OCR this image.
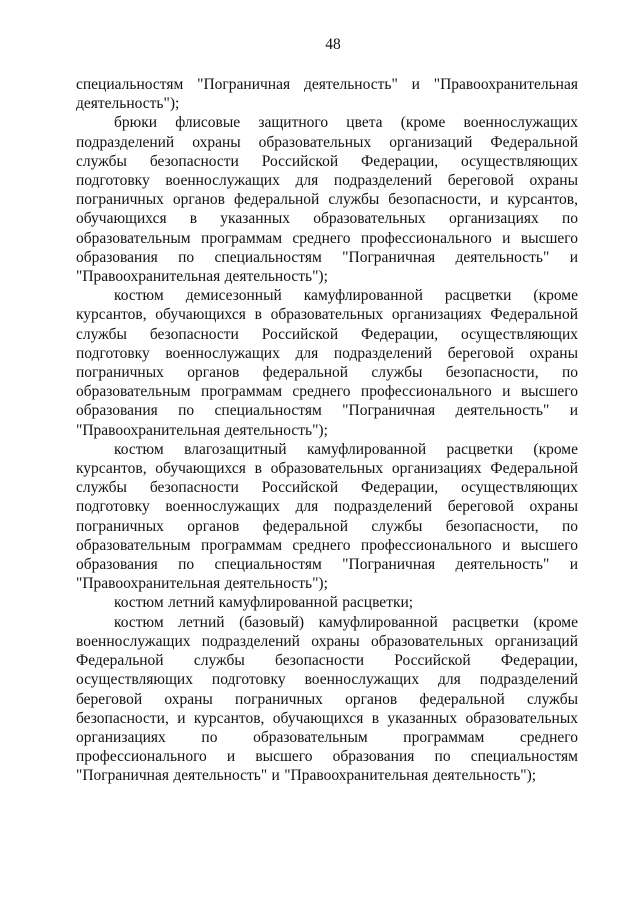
48

специальностям "Пограничная деятельность" и "Правоохранительная деятельность");

брюки флисовые защитного цвета (кроме военнослужащих подразделений охраны образовательных организаций Федеральной службы безопасности Российской Федерации, осуществляющих подготовку военнослужащих для подразделений береговой охраны пограничных органов федеральной службы безопасности, и курсантов, обучающихся в указанных образовательных организациях по образовательным программам среднего профессионального и высшего образования по специальностям "Пограничная деятельность" и "Правоохранительная деятельность");

костюм демисезонный камуфлированной расцветки (кроме курсантов, обучающихся в образовательных организациях Федеральной службы безопасности Российской Федерации, осуществляющих подготовку военнослужащих для подразделений береговой охраны пограничных органов федеральной службы безопасности, по образовательным программам среднего профессионального и высшего образования по специальностям "Пограничная деятельность" и "Правоохранительная деятельность");

костюм влагозащитный камуфлированной расцветки (кроме курсантов, обучающихся в образовательных организациях Федеральной службы безопасности Российской Федерации, осуществляющих подготовку военнослужащих для подразделений береговой охраны пограничных органов федеральной службы безопасности, по образовательным программам среднего профессионального и высшего образования по специальностям "Пограничная деятельность" и "Правоохранительная деятельность");

костюм летний камуфлированной расцветки;

костюм летний (базовый) камуфлированной расцветки (кроме военнослужащих подразделений охраны образовательных организаций Федеральной службы безопасности Российской Федерации, осуществляющих подготовку военнослужащих для подразделений береговой охраны пограничных органов федеральной службы безопасности, и курсантов, обучающихся в указанных образовательных организациях по образовательным программам среднего профессионального и высшего образования по специальностям "Пограничная деятельность" и "Правоохранительная деятельность");
